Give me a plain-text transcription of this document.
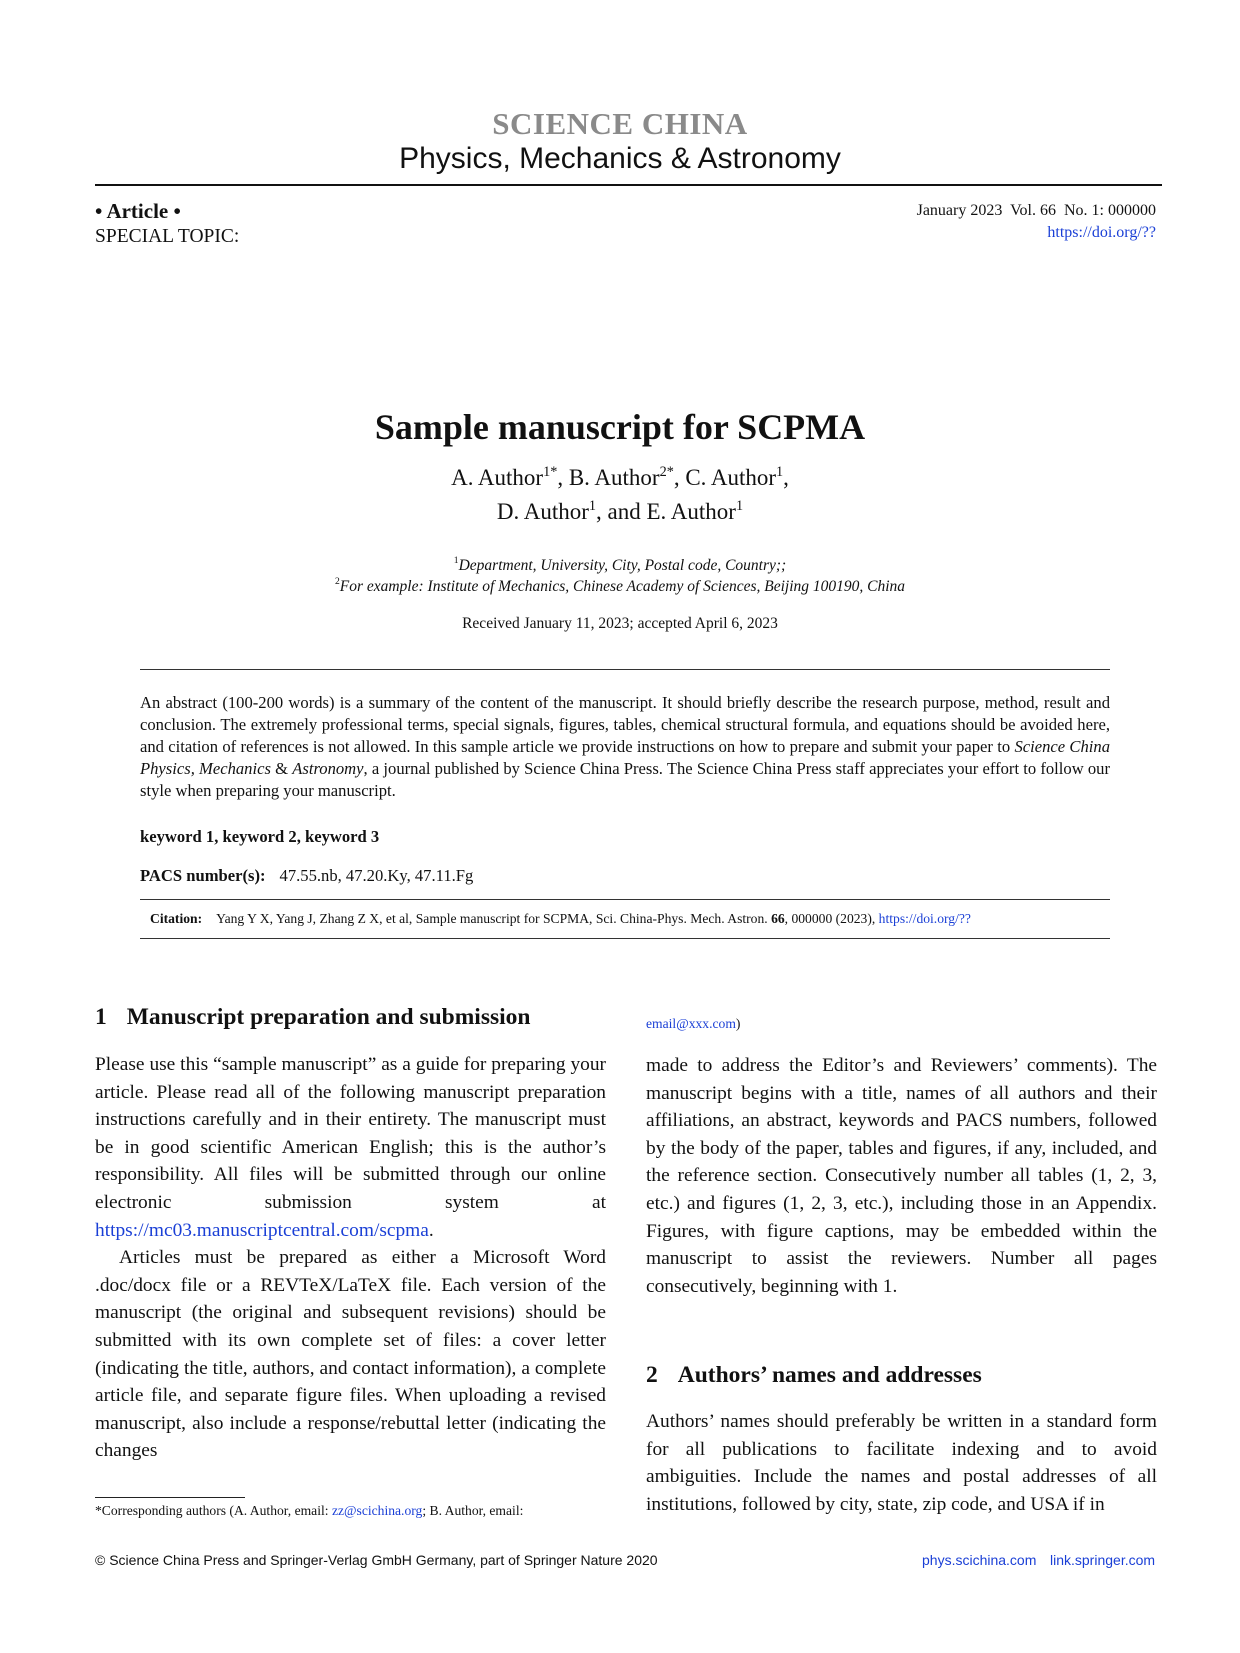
SCIENCE CHINA
Physics, Mechanics & Astronomy
• Article •
SPECIAL TOPIC:
January 2023  Vol. 66  No. 1: 000000
https://doi.org/??
Sample manuscript for SCPMA
A. Author$^{1*}$, B. Author$^{2*}$, C. Author$^1$,
D. Author$^1$, and E. Author$^1$
$^1$Department, University, City, Postal code, Country;;
$^2$For example: Institute of Mechanics, Chinese Academy of Sciences, Beijing 100190, China
Received January 11, 2023; accepted April 6, 2023
An abstract (100-200 words) is a summary of the content of the manuscript. It should briefly describe the research purpose, method, result and conclusion. The extremely professional terms, special signals, figures, tables, chemical structural formula, and equations should be avoided here, and citation of references is not allowed. In this sample article we provide instructions on how to prepare and submit your paper to Science China Physics, Mechanics & Astronomy, a journal published by Science China Press. The Science China Press staff appreciates your effort to follow our style when preparing your manuscript.
keyword 1, keyword 2, keyword 3
PACS number(s): 47.55.nb, 47.20.Ky, 47.11.Fg
Citation: Yang Y X, Yang J, Zhang Z X, et al, Sample manuscript for SCPMA, Sci. China-Phys. Mech. Astron. 66, 000000 (2023), https://doi.org/??
1 Manuscript preparation and submission

Please use this “sample manuscript” as a guide for preparing your article. Please read all of the following manuscript preparation instructions carefully and in their entirety. The manuscript must be in good scientific American English; this is the author’s responsibility. All files will be submitted through our online electronic submission system at https://mc03.manuscriptcentral.com/scpma.

Articles must be prepared as either a Microsoft Word .doc/docx file or a REVTeX/LaTeX file. Each version of the manuscript (the original and subsequent revisions) should be submitted with its own complete set of files: a cover letter (indicating the title, authors, and contact information), a complete article file, and separate figure files. When uploading a revised manuscript, also include a response/rebuttal letter (indicating the changes

email@xxx.com)

made to address the Editor’s and Reviewers’ comments). The manuscript begins with a title, names of all authors and their affiliations, an abstract, keywords and PACS numbers, followed by the body of the paper, tables and figures, if any, included, and the reference section. Consecutively number all tables (1, 2, 3, etc.) and figures (1, 2, 3, etc.), including those in an Appendix. Figures, with figure captions, may be embedded within the manuscript to assist the reviewers. Number all pages consecutively, beginning with 1.

2 Authors’ names and addresses

Authors’ names should preferably be written in a standard form for all publications to facilitate indexing and to avoid ambiguities. Include the names and postal addresses of all institutions, followed by city, state, zip code, and USA if in

*Corresponding authors (A. Author, email: zz@scichina.org; B. Author, email:
© Science China Press and Springer-Verlag GmbH Germany, part of Springer Nature 2020	phys.scichina.com link.springer.com
